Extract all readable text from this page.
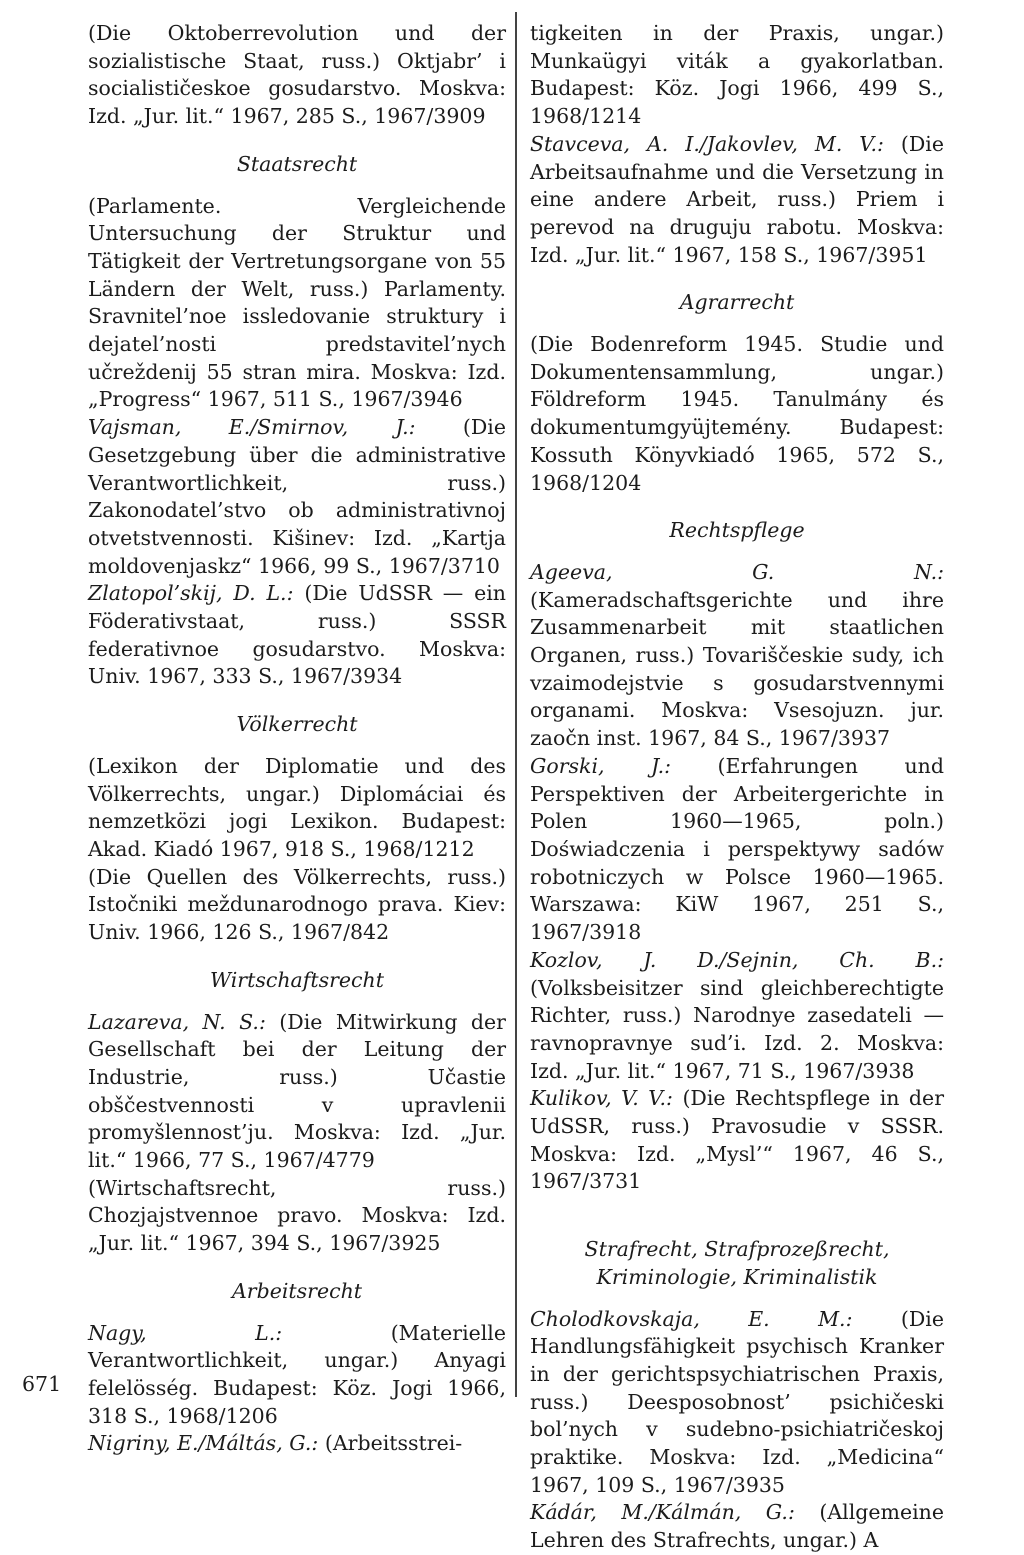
(Die Oktoberrevolution und der sozialistische Staat, russ.) Oktjabr’ i socialističeskoe gosudarstvo. Moskva: Izd. „Jur. lit.“ 1967, 285 S., 1967/3909

Staatsrecht

(Parlamente. Vergleichende Untersuchung der Struktur und Tätigkeit der Vertretungsorgane von 55 Ländern der Welt, russ.) Parlamenty. Sravnitel’noe issledovanie struktury i dejatel’nosti predstavitel’nych učreždenij 55 stran mira. Moskva: Izd. „Progress“ 1967, 511 S., 1967/3946

Vajsman, E./Smirnov, J.: (Die Gesetzgebung über die administrative Verantwortlichkeit, russ.) Zakonodatel’stvo ob administrativnoj otvetstvennosti. Kišinev: Izd. „Kartja moldovenjaskz“ 1966, 99 S., 1967/3710

Zlatopol’skij, D. L.: (Die UdSSR — ein Föderativstaat, russ.) SSSR federativnoe gosudarstvo. Moskva: Univ. 1967, 333 S., 1967/3934

Völkerrecht

(Lexikon der Diplomatie und des Völkerrechts, ungar.) Diplomáciai és nemzetközi jogi Lexikon. Budapest: Akad. Kiadó 1967, 918 S., 1968/1212

(Die Quellen des Völkerrechts, russ.) Istočniki meždunarodnogo prava. Kiev: Univ. 1966, 126 S., 1967/842

Wirtschaftsrecht

Lazareva, N. S.: (Die Mitwirkung der Gesellschaft bei der Leitung der Industrie, russ.) Učastie obščestvennosti v upravlenii promyšlennost’ju. Moskva: Izd. „Jur. lit.“ 1966, 77 S., 1967/4779

(Wirtschaftsrecht, russ.) Chozjajstvennoe pravo. Moskva: Izd. „Jur. lit.“ 1967, 394 S., 1967/3925

Arbeitsrecht

Nagy, L.:	(Materielle Verantwortlichkeit, ungar.) Anyagi felelösség. Budapest: Köz. Jogi 1966, 318 S., 1968/1206

Nigriny, E./Máltás, G.: (Arbeitsstrei-

tigkeiten in der Praxis, ungar.) Munkaügyi viták a gyakorlatban. Budapest: Köz. Jogi 1966, 499 S., 1968/1214

Stavceva, A. I./Jakovlev, M. V.: (Die Arbeitsaufnahme und die Versetzung in eine andere Arbeit, russ.) Priem i perevod na druguju rabotu. Moskva: Izd. „Jur. lit.“ 1967, 158 S., 1967/3951

Agrarrecht

(Die Bodenreform 1945. Studie und Dokumentensammlung, ungar.) Földreform 1945. Tanulmány és dokumentumgyüjtemény. Budapest: Kossuth Könyvkiadó 1965, 572 S., 1968/1204

Rechtspflege

Ageeva, G. N.: (Kameradschaftsgerichte und ihre Zusammenarbeit mit staatlichen Organen, russ.) Tovariščeskie sudy, ich vzaimodejstvie s gosudarstvennymi organami. Moskva: Vsesojuzn. jur. zaočn inst. 1967, 84 S., 1967/3937

Gorski, J.: (Erfahrungen und Perspektiven der Arbeitergerichte in Polen 1960—1965, poln.) Doświadczenia i perspektywy sadów robotniczych w Polsce 1960—1965. Warszawa: KiW 1967, 251 S., 1967/3918

Kozlov, J. D./Sejnin, Ch. B.: (Volksbeisitzer sind gleichberechtigte Richter, russ.) Narodnye zasedateli — ravnopravnye sud’i. Izd. 2. Moskva: Izd. „Jur. lit.“ 1967, 71 S., 1967/3938

Kulikov, V. V.: (Die Rechtspflege in der UdSSR, russ.) Pravosudie v SSSR. Moskva: Izd. „Mysl’“ 1967, 46 S., 1967/3731

Strafrecht, Strafprozeßrecht,
Kriminologie, Kriminalistik

Cholodkovskaja, E. M.: (Die Handlungsfähigkeit psychisch Kranker in der gerichtspsychiatrischen Praxis, russ.) Deesposobnost’ psichičeski bol’nych v sudebno-psichiatričeskoj praktike. Moskva: Izd. „Medicina“ 1967, 109 S., 1967/3935

Kádár, M./Kálmán, G.: (Allgemeine Lehren des Strafrechts, ungar.) A

671
